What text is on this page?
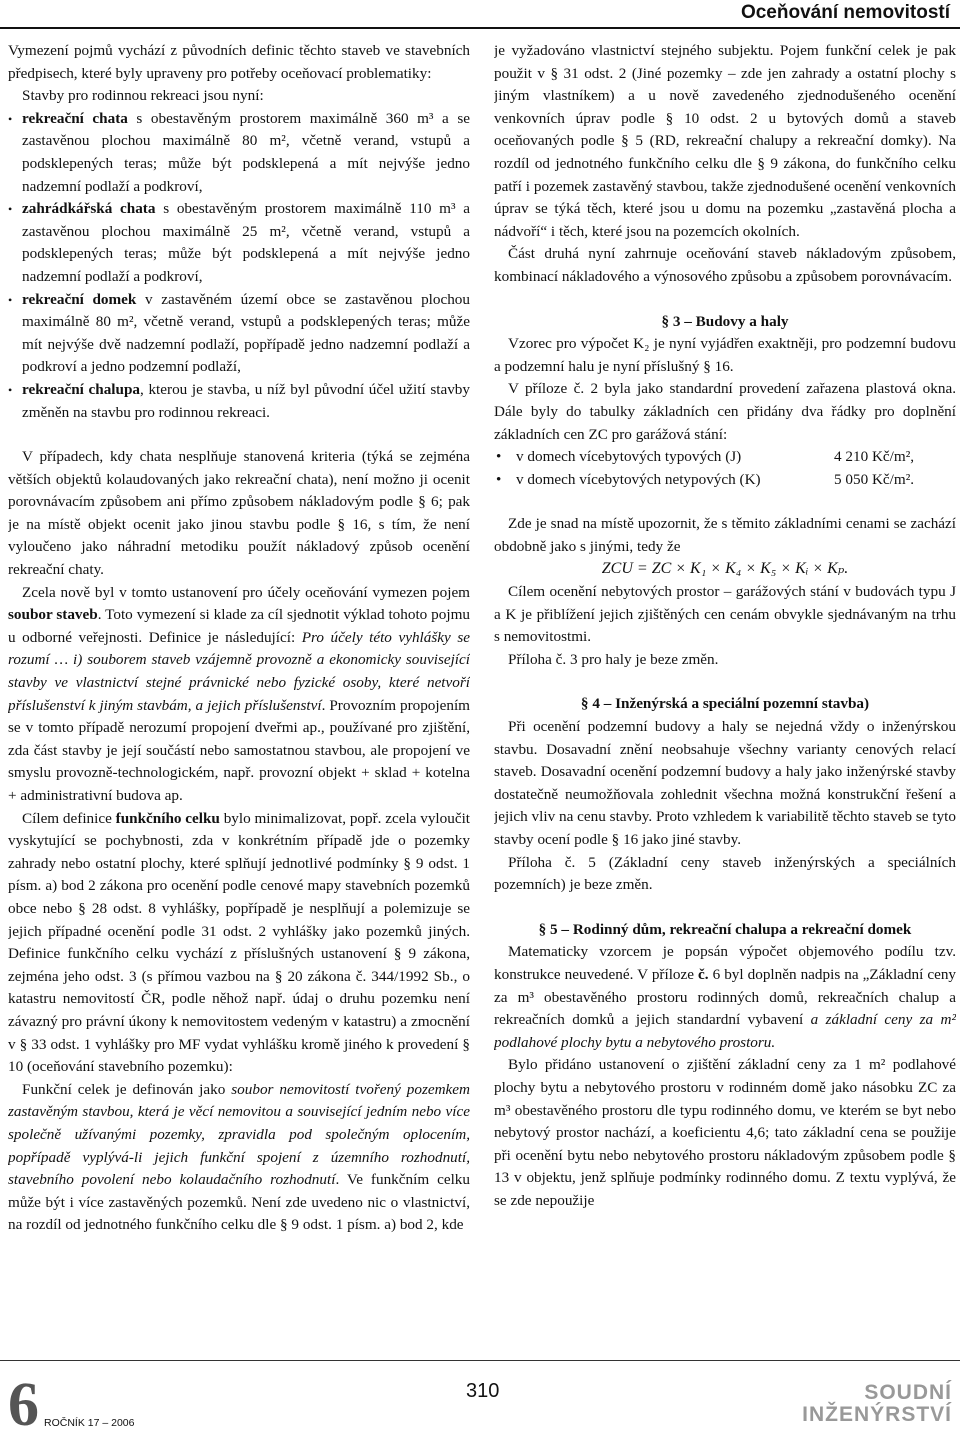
Oceňování nemovitostí

Vymezení pojmů vychází z původních definic těchto staveb ve stavebních předpisech, které byly upraveny pro potřeby oceňovací problematiky:

Stavby pro rodinnou rekreaci jsou nyní:

• rekreační chata s obestavěným prostorem maximálně 360 m³ a se zastavěnou plochou maximálně 80 m², včetně verand, vstupů a podsklepených teras; může být podsklepená a mít nejvýše jedno nadzemní podlaží a podkroví,
• zahrádkářská chata s obestavěným prostorem maximálně 110 m³ a zastavěnou plochou maximálně 25 m², včetně verand, vstupů a podsklepených teras; může být podsklepená a mít nejvýše jedno nadzemní podlaží a podkroví,
• rekreační domek v zastavěném území obce se zastavěnou plochou maximálně 80 m², včetně verand, vstupů a podsklepených teras; může mít nejvýše dvě nadzemní podlaží, popřípadě jedno nadzemní podlaží a podkroví a jedno podzemní podlaží,
• rekreační chalupa, kterou je stavba, u níž byl původní účel užití stavby změněn na stavbu pro rodinnou rekreaci.

V případech, kdy chata nesplňuje stanovená kriteria (týká se zejména větších objektů kolaudovaných jako rekreační chata), není možno ji ocenit porovnávacím způsobem ani přímo způsobem nákladovým podle § 6; pak je na místě objekt ocenit jako jinou stavbu podle § 16, s tím, že není vyloučeno jako náhradní metodiku použít nákladový způsob ocenění rekreační chaty.

Zcela nově byl v tomto ustanovení pro účely oceňování vymezen pojem soubor staveb. Toto vymezení si klade za cíl sjednotit výklad tohoto pojmu u odborné veřejnosti. Definice je následující: Pro účely této vyhlášky se rozumí … i) souborem staveb vzájemně provozně a ekonomicky související stavby ve vlastnictví stejné právnické nebo fyzické osoby, které netvoří příslušenství k jiným stavbám, a jejich příslušenství. Provozním propojením se v tomto případě nerozumí propojení dveřmi ap., používané pro zjištění, zda část stavby je její součástí nebo samostatnou stavbou, ale propojení ve smyslu provozně-technologickém, např. provozní objekt + sklad + kotelna + administrativní budova ap.

Cílem definice funkčního celku bylo minimalizovat, popř. zcela vyloučit vyskytující se pochybnosti, zda v konkrétním případě jde o pozemky zahrady nebo ostatní plochy, které splňují jednotlivé podmínky § 9 odst. 1 písm. a) bod 2 zákona pro ocenění podle cenové mapy stavebních pozemků obce nebo § 28 odst. 8 vyhlášky, popřípadě je nesplňují a polemizuje se jejich případné ocenění podle 31 odst. 2 vyhlášky jako pozemků jiných. Definice funkčního celku vychází z příslušných ustanovení § 9 zákona, zejména jeho odst. 3 (s přímou vazbou na § 20 zákona č. 344/1992 Sb., o katastru nemovitostí ČR, podle něhož např. údaj o druhu pozemku není závazný pro právní úkony k nemovitostem vedeným v katastru) a zmocnění v § 33 odst. 1 vyhlášky pro MF vydat vyhlášku kromě jiného k provedení § 10 (oceňování stavebního pozemku):

Funkční celek je definován jako soubor nemovitostí tvořený pozemkem zastavěným stavbou, která je věcí nemovitou a související jedním nebo více společně užívanými pozemky, zpravidla pod společným oplocením, popřípadě vyplývá-li jejich funkční spojení z územního rozhodnutí, stavebního povolení nebo kolaudačního rozhodnutí. Ve funkčním celku může být i více zastavěných pozemků. Není zde uvedeno nic o vlastnictví, na rozdíl od jednotného funkčního celku dle § 9 odst. 1 písm. a) bod 2, kde

je vyžadováno vlastnictví stejného subjektu. Pojem funkční celek je pak použit v § 31 odst. 2 (Jiné pozemky – zde jen zahrady a ostatní plochy s jiným vlastníkem) a u nově zavedeného zjednodušeného ocenění venkovních úprav podle § 10 odst. 2 u bytových domů a staveb oceňovaných podle § 5 (RD, rekreační chalupy a rekreační domky). Na rozdíl od jednotného funkčního celku dle § 9 zákona, do funkčního celku patří i pozemek zastavěný stavbou, takže zjednodušené ocenění venkovních úprav se týká těch, které jsou u domu na pozemku „zastavěná plocha a nádvoří“ i těch, které jsou na pozemcích okolních.

Část druhá nyní zahrnuje oceňování staveb nákladovým způsobem, kombinací nákladového a výnosového způsobu a způsobem porovnávacím.

§ 3 – Budovy a haly

Vzorec pro výpočet K₂ je nyní vyjádřen exaktněji, pro podzemní budovu a podzemní halu je nyní příslušný § 16.

V příloze č. 2 byla jako standardní provedení zařazena plastová okna. Dále byly do tabulky základních cen přidány dva řádky pro doplnění základních cen ZC pro garážová stání:

• v domech vícebytových typových (J)	4 210 Kč/m²,
• v domech vícebytových netypových (K)	5 050 Kč/m².

Zde je snad na místě upozornit, že s těmito základními cenami se zachází obdobně jako s jinými, tedy že

ZCU = ZC × K₁ × K₄ × K₅ × Kᵢ × Kₚ.

Cílem ocenění nebytových prostor – garážových stání v budovách typu J a K je přiblížení jejich zjištěných cen cenám obvykle sjednávaným na trhu s nemovitostmi.

Příloha č. 3 pro haly je beze změn.

§ 4 – Inženýrská a speciální pozemní stavba)

Při ocenění podzemní budovy a haly se nejedná vždy o inženýrskou stavbu. Dosavadní znění neobsahuje všechny varianty cenových relací staveb. Dosavadní ocenění podzemní budovy a haly jako inženýrské stavby dostatečně neumožňovala zohlednit všechna možná konstrukční řešení a jejich vliv na cenu stavby. Proto vzhledem k variabilitě těchto staveb se tyto stavby ocení podle § 16 jako jiné stavby.

Příloha č. 5 (Základní ceny staveb inženýrských a speciálních pozemních) je beze změn.

§ 5 – Rodinný dům, rekreační chalupa a rekreační domek

Matematicky vzorcem je popsán výpočet objemového podílu tzv. konstrukce neuvedené. V příloze č. 6 byl doplněn nadpis na „Základní ceny za m³ obestavěného prostoru rodinných domů, rekreačních chalup a rekreačních domků a jejich standardní vybavení a základní ceny za m² podlahové plochy bytu a nebytového prostoru.

Bylo přidáno ustanovení o zjištění základní ceny za 1 m² podlahové plochy bytu a nebytového prostoru v rodinném domě jako násobku ZC za m³ obestavěného prostoru dle typu rodinného domu, ve kterém se byt nebo nebytový prostor nachází, a koeficientu 4,6; tato základní cena se použije při ocenění bytu nebo nebytového prostoru nákladovým způsobem podle § 13 v objektu, jenž splňuje podmínky rodinného domu. Z textu vyplývá, že se zde nepoužije

6 ROČNÍK 17 – 2006
310	SOUDNÍ
INŽENÝRSTVÍ
